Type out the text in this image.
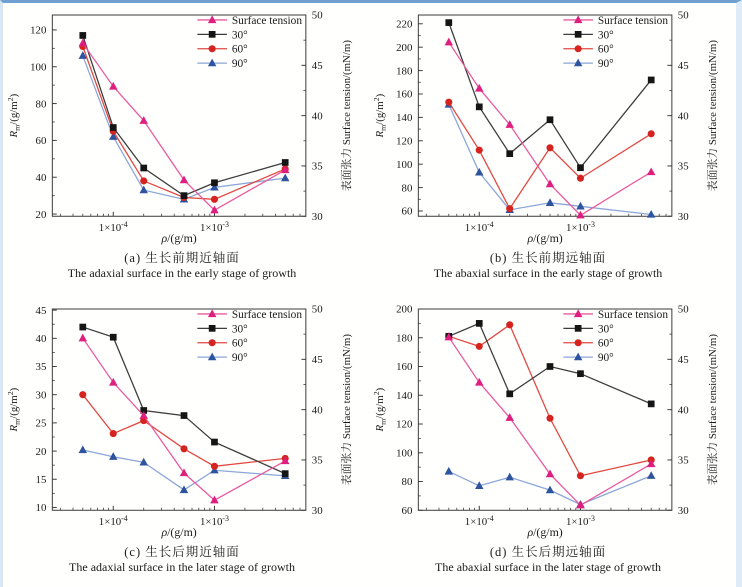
20
40
60
80
100
120
30
35
40
45
50
$1\times 10^{-4}$	$1\times 10^{-3}$
$R_m/(g/m^2)$	表面张力 Surface tension/(mN/m)
ρ/(g/m)
Surface tension
30°
60°
90°
(a) 生长前期近轴面
The adaxial surface in the early stage of growth
60
80
100
120
140
160
180
200
220
30
35
40
45
50
$1\times 10^{-4}$	$1\times 10^{-3}$
$R_m/(g/m^2)$	表面张力 Surface tension/(mN/m)
ρ/(g/m)
Surface tension
30°
60°
90°
(b) 生长前期远轴面
The abaxial surface in the early stage of growth
10
15
20
25
30
35
40
45
30
35
40
45
50
$1\times 10^{-4}$	$1\times 10^{-3}$
$R_m/(g/m^2)$	表面张力 Surface tension/(mN/m)
ρ/(g/m)
Surface tension
30°
60°
90°
(c) 生长后期近轴面
The adaxial surface in the later stage of growth
60
80
100
120
140
160
180
200
30
35
40
45
50
$1\times 10^{-4}$	$1\times 10^{-3}$
$R_m/(g/m^2)$	表面张力 Surface tension/(mN/m)
ρ/(g/m)
Surface tension
30°
60°
90°
(d) 生长后期远轴面
The abaxial surface in the later stage of growth
